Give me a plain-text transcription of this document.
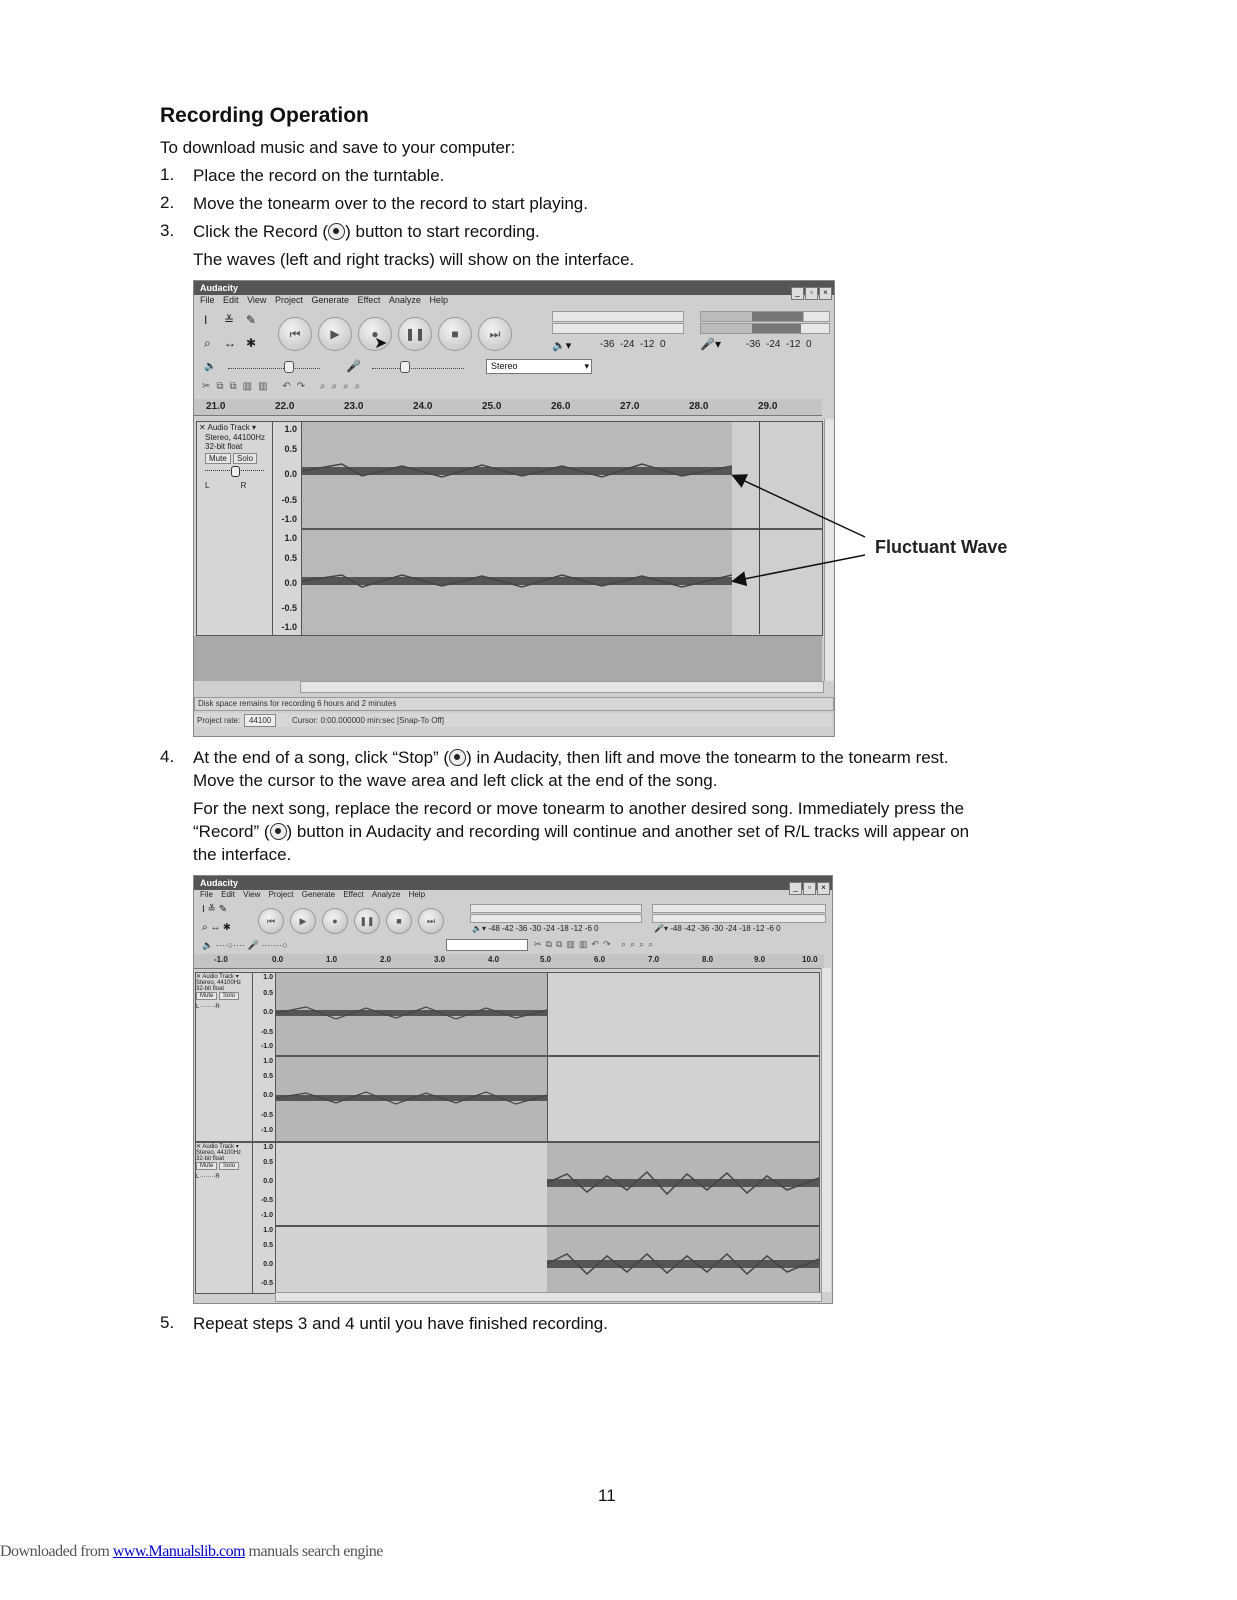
Recording Operation
To download music and save to your computer:
1. Place the record on the turntable.
2. Move the tonearm over to the record to start playing.
3. Click the Record ( ) button to start recording.
The waves (left and right tracks) will show on the interface.
Audacity	_ ▫ ×
File Edit View Project Generate Effect Analyze Help
I ≚ ✎
⌕ ↔ ✱
⏮	▶	●	❚❚	■	⏭
➤	🔈▾	-36 -24 -12 0	🎤▾	-36 -24 -12 0
🔈	🎤	Stereo	▾
✂⧉⧉▥▥ ↶↷ ⌕⌕⌕⌕
21.0	22.0	23.0	24.0	25.0	26.0	27.0	28.0	29.0
✕ Audio Track ▾
Stereo, 44100Hz
32-bit float
Mute Solo
L	R
1.0
0.5
0.0
-0.5
-1.0
1.0
0.5
0.0
-0.5
-1.0
Disk space remains for recording 6 hours and 2 minutes
Project rate:	44100	Cursor: 0:00.000000 min:sec [Snap-To Off]
Fluctuant Wave
4. At the end of a song, click “Stop” ( ) in Audacity, then lift and move the tonearm to the tonearm rest.
Move the cursor to the wave area and left click at the end of the song.
For the next song, replace the record or move tonearm to another desired song. Immediately press the
“Record” ( ) button in Audacity and recording will continue and another set of R/L tracks will appear on
the interface.
Audacity	_ ▫ ×
File Edit View Project Generate Effect Analyze Help
I ≚ ✎
⌕ ↔ ✱
⏮	▶	●	❚❚	■	⏭
🔈▾ -48 -42 -36 -30 -24 -18 -12 -6 0	🎤▾ -48 -42 -36 -30 -24 -18 -12 -6 0
🔈 ····○···· 🎤 ·······○	✂⧉⧉▥▥↶↷ ⌕⌕⌕⌕
-1.0	0.0	1.0	2.0	3.0	4.0	5.0	6.0	7.0	8.0	9.0	10.0
✕ Audio Track ▾
Stereo, 44100Hz
32-bit float
Mute Solo
L········R
1.0
0.5
0.0
-0.5
-1.0
1.0
0.5
0.0
-0.5
-1.0
✕ Audio Track ▾
Stereo, 44100Hz
32-bit float
Mute Solo
L········R
1.0
0.5
0.0
-0.5
-1.0
1.0
0.5
0.0
-0.5
5. Repeat steps 3 and 4 until you have finished recording.
11
Downloaded from www.Manualslib.com manuals search engine
